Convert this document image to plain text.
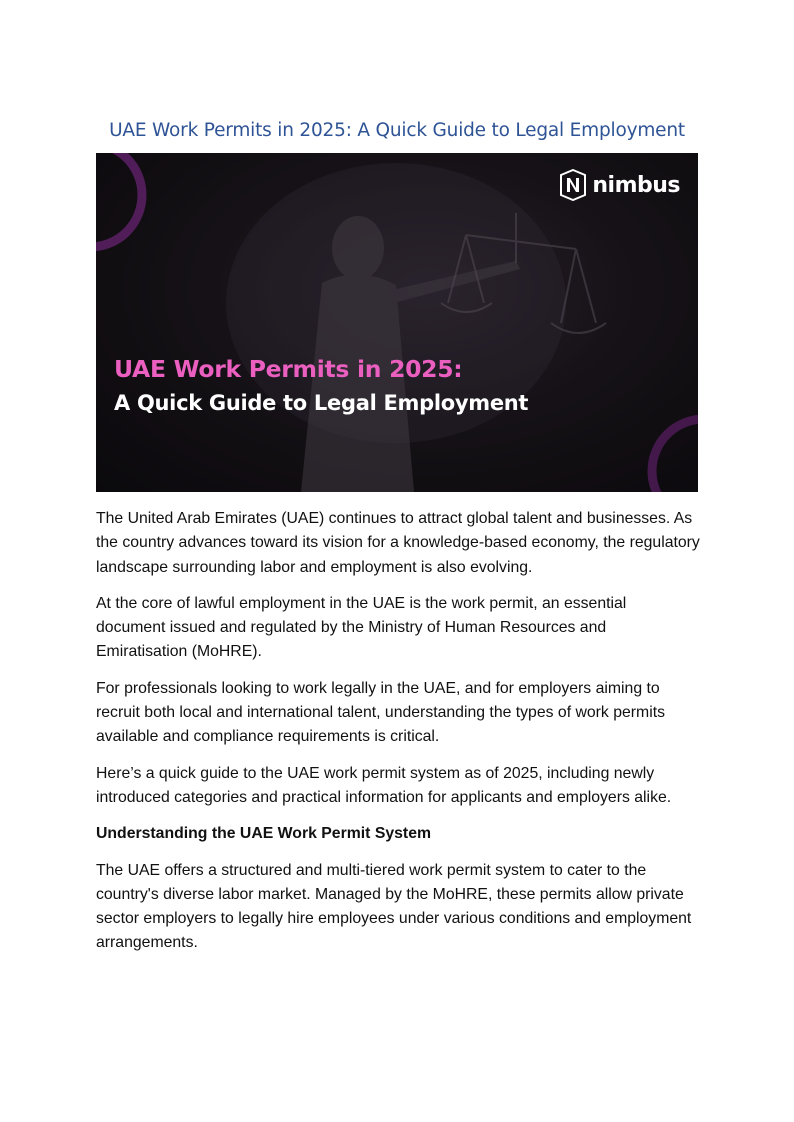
UAE Work Permits in 2025: A Quick Guide to Legal Employment
nimbus
UAE Work Permits in 2025:
A Quick Guide to Legal Employment

The United Arab Emirates (UAE) continues to attract global talent and businesses. As the country advances toward its vision for a knowledge-based economy, the regulatory landscape surrounding labor and employment is also evolving.

At the core of lawful employment in the UAE is the work permit, an essential document issued and regulated by the Ministry of Human Resources and Emiratisation (MoHRE).

For professionals looking to work legally in the UAE, and for employers aiming to recruit both local and international talent, understanding the types of work permits available and compliance requirements is critical.

Here’s a quick guide to the UAE work permit system as of 2025, including newly introduced categories and practical information for applicants and employers alike.

Understanding the UAE Work Permit System

The UAE offers a structured and multi-tiered work permit system to cater to the country's diverse labor market. Managed by the MoHRE, these permits allow private sector employers to legally hire employees under various conditions and employment arrangements.
